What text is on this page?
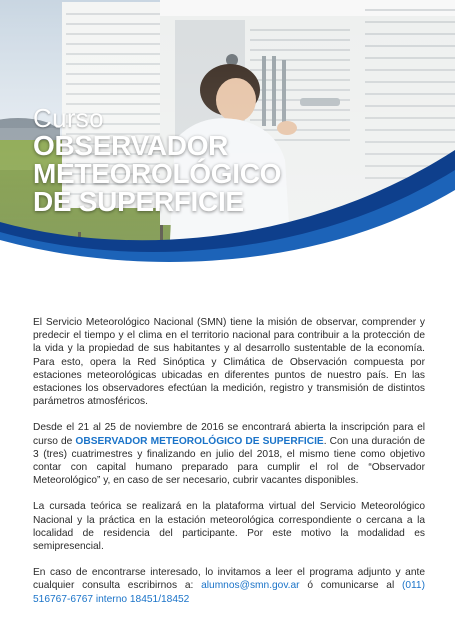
Curso
OBSERVADOR
METEOROLÓGICO
DE SUPERFICIE

El Servicio Meteorológico Nacional (SMN) tiene la misión de observar, comprender y predecir el tiempo y el clima en el territorio nacional para contribuir a la protección de la vida y la propiedad de sus habitantes y al desarrollo sustentable de la economía. Para esto, opera la Red Sinóptica y Climática de Observación compuesta por estaciones meteorológicas ubicadas en diferentes puntos de nuestro país. En las estaciones los observadores efectúan la medición, registro y transmisión de distintos parámetros atmosféricos.

Desde el 21 al 25 de noviembre de 2016 se encontrará abierta la inscripción para el curso de OBSERVADOR METEOROLÓGICO DE SUPERFICIE. Con una duración de 3 (tres) cuatrimestres y finalizando en julio del 2018, el mismo tiene como objetivo contar con capital humano preparado para cumplir el rol de “Observador Meteorológico” y, en caso de ser necesario, cubrir vacantes disponibles.

La cursada teórica se realizará en la plataforma virtual del Servicio Meteorológico Nacional y la práctica en la estación meteorológica correspondiente o cercana a la localidad de residencia del participante. Por este motivo la modalidad es semipresencial.

En caso de encontrarse interesado, lo invitamos a leer el programa adjunto y ante cualquier consulta escribirnos a: alumnos@smn.gov.ar ó comunicarse al (011) 516767-6767 interno 18451/18452
